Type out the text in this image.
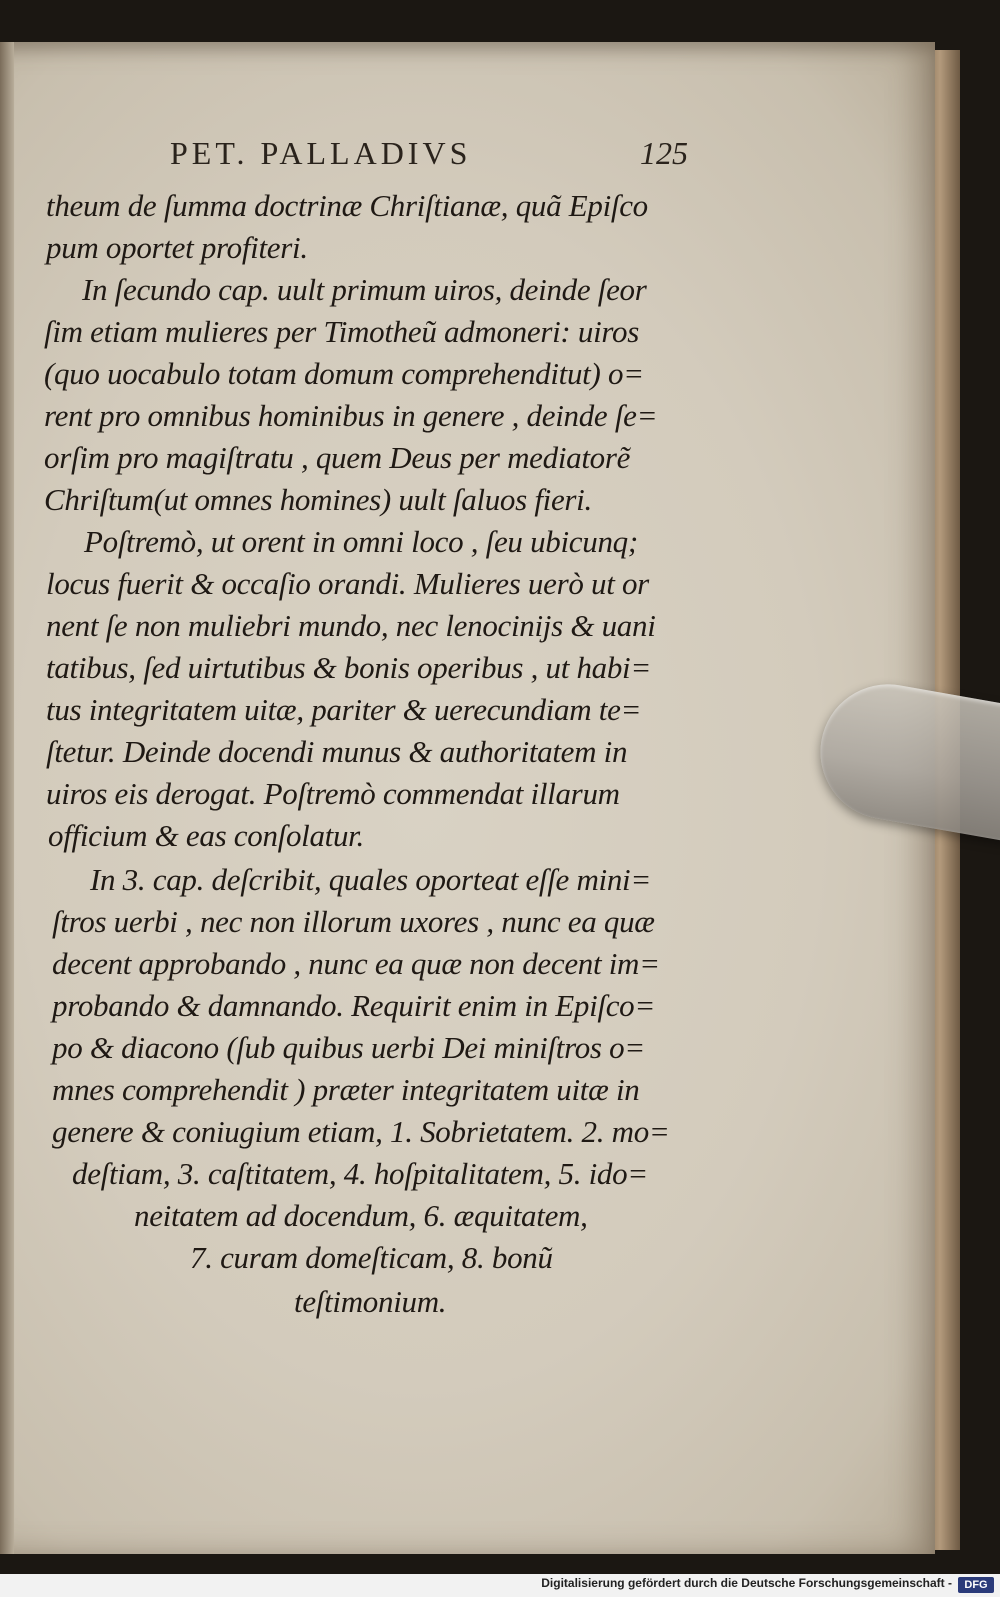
PET. PALLADIVS	125
theum de ſumma doctrinæ Chriſtianæ, quã Epiſco
pum oportet profiteri.
In ſecundo cap. uult primum uiros, deinde ſeor
ſim etiam mulieres per Timotheũ admoneri: uiros
(quo uocabulo totam domum comprehenditut) o=
rent pro omnibus hominibus in genere , deinde ſe=
orſim pro magiſtratu , quem Deus per mediatorẽ
Chriſtum(ut omnes homines) uult ſaluos fieri.
Poſtremò, ut orent in omni loco , ſeu ubicunq;
locus fuerit & occaſio orandi. Mulieres uerò ut or
nent ſe non muliebri mundo, nec lenocinijs & uani
tatibus, ſed uirtutibus & bonis operibus , ut habi=
tus integritatem uitæ, pariter & uerecundiam te=
ſtetur. Deinde docendi munus & authoritatem in
uiros eis derogat. Poſtremò commendat illarum
officium & eas conſolatur.
In 3. cap. deſcribit, quales oporteat eſſe mini=
ſtros uerbi , nec non illorum uxores , nunc ea quæ
decent approbando , nunc ea quæ non decent im=
probando & damnando. Requirit enim in Epiſco=
po & diacono (ſub quibus uerbi Dei miniſtros o=
mnes comprehendit ) præter integritatem uitæ in
genere & coniugium etiam, 1. Sobrietatem. 2. mo=
deſtiam, 3. caſtitatem, 4. hoſpitalitatem, 5. ido=
neitatem ad docendum, 6. æquitatem,
7. curam domeſticam, 8. bonũ
teſtimonium.
Digitalisierung gefördert durch die Deutsche Forschungsgemeinschaft -	DFG
